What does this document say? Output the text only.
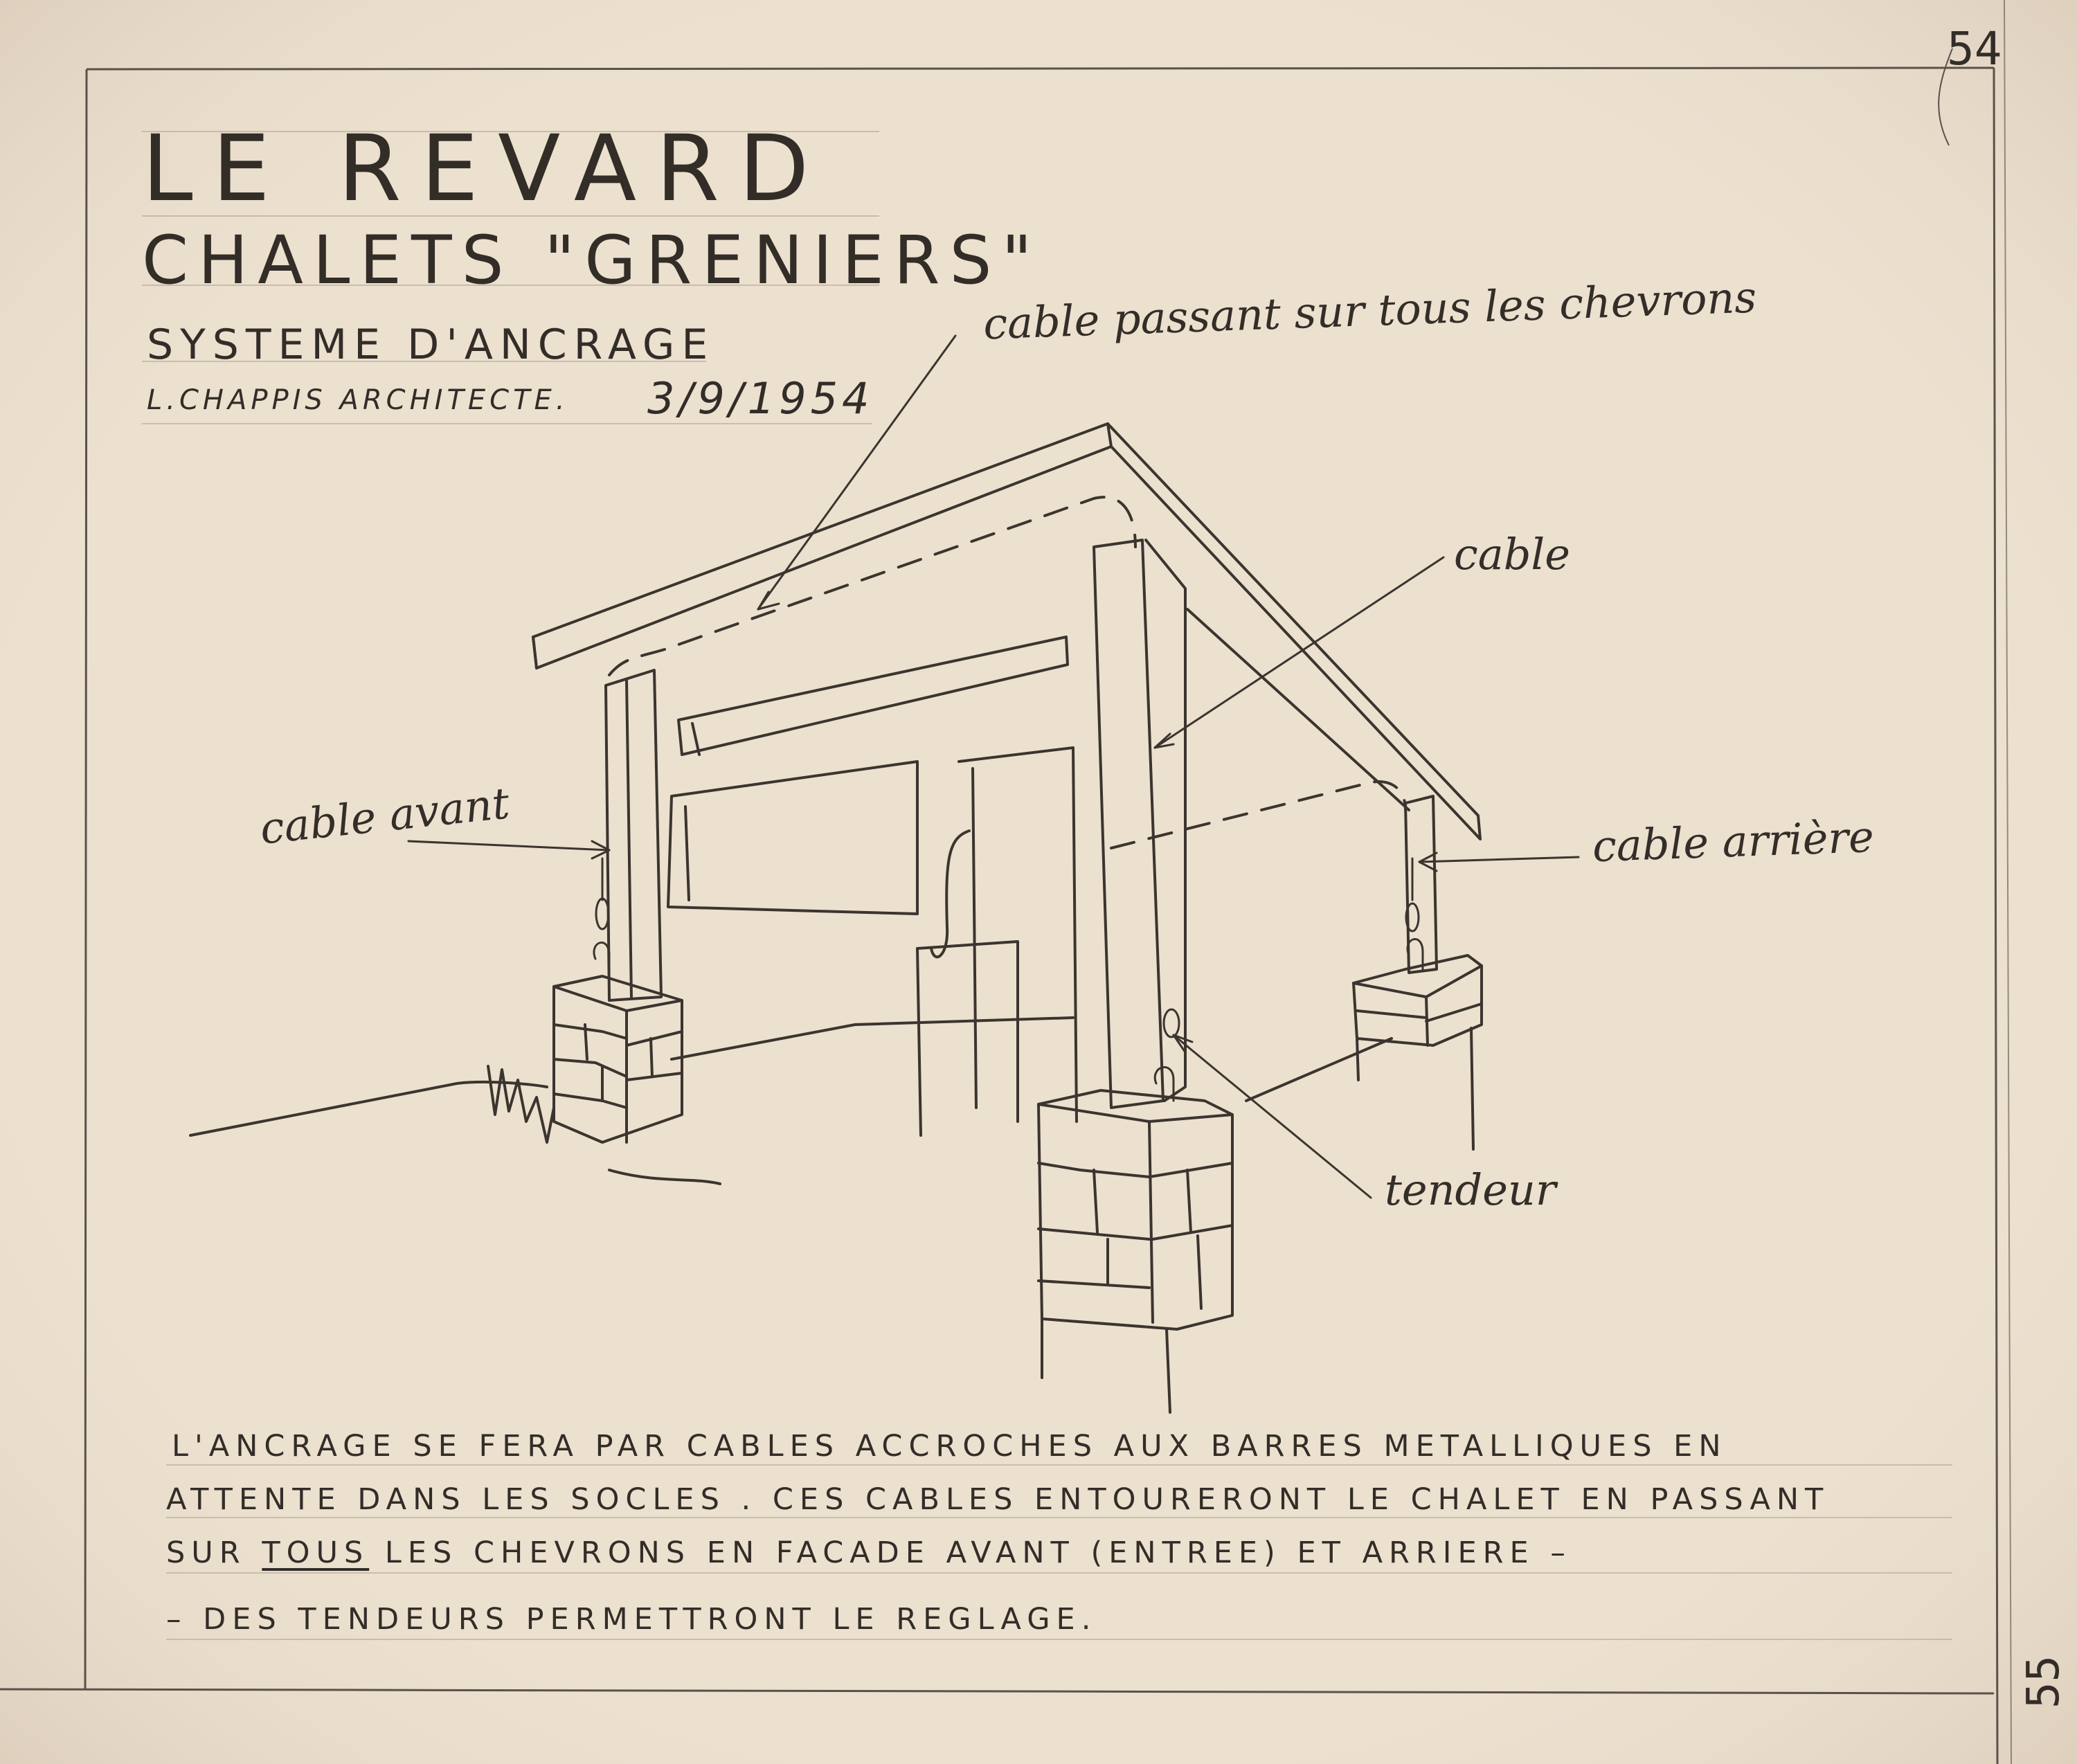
54
55
LE REVARD
CHALETS "GRENIERS"
SYSTEME D'ANCRAGE
L.CHAPPIS ARCHITECTE. 3/9/1954
cable passant sur tous les chevrons
cable
cable avant	cable arrière
tendeur
L'ANCRAGE SE FERA PAR CABLES ACCROCHES AUX BARRES METALLIQUES EN
ATTENTE DANS LES SOCLES . CES CABLES ENTOURERONT LE CHALET EN PASSANT
SUR TOUS LES CHEVRONS EN FACADE AVANT (ENTREE) ET ARRIERE –
– DES TENDEURS PERMETTRONT LE REGLAGE.
